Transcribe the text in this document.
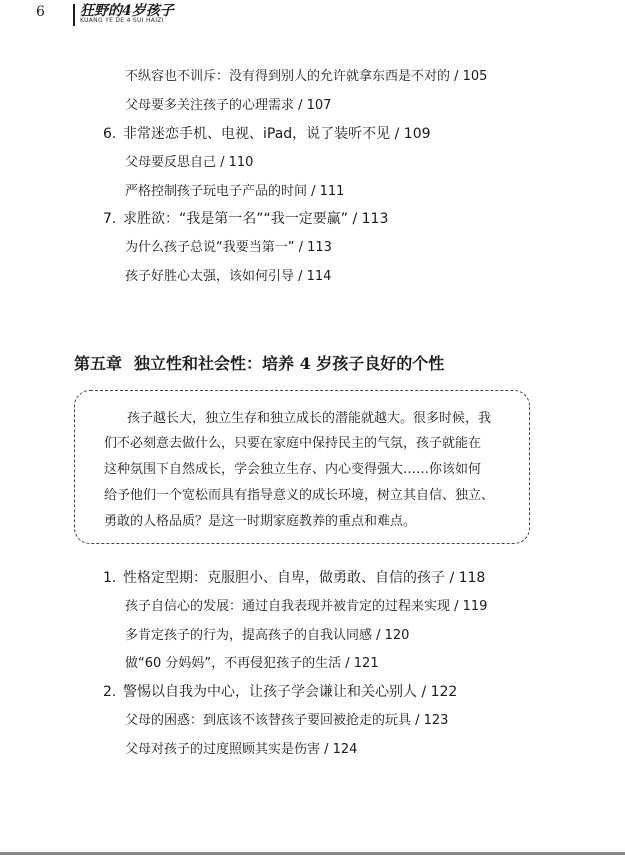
6	狂野的4岁孩子
KUANG YE DE 4 SUI HAIZI
不纵容也不训斥：没有得到别人的允许就拿东西是不对的 / 105
父母要多关注孩子的心理需求 / 107
6. 非常迷恋手机、电视、iPad，说了装听不见 / 109
父母要反思自己 / 110
严格控制孩子玩电子产品的时间 / 111
7. 求胜欲：“我是第一名”“我一定要赢” / 113
为什么孩子总说“我要当第一” / 113
孩子好胜心太强，该如何引导 / 114
第五章 独立性和社会性：培养 4 岁孩子良好的个性
孩子越长大，独立生存和独立成长的潜能就越大。很多时候，我
们不必刻意去做什么，只要在家庭中保持民主的气氛，孩子就能在
这种氛围下自然成长，学会独立生存、内心变得强大……你该如何
给予他们一个宽松而具有指导意义的成长环境，树立其自信、独立、
勇敢的人格品质？是这一时期家庭教养的重点和难点。
1. 性格定型期：克服胆小、自卑，做勇敢、自信的孩子 / 118
孩子自信心的发展：通过自我表现并被肯定的过程来实现 / 119
多肯定孩子的行为，提高孩子的自我认同感 / 120
做“60 分妈妈”，不再侵犯孩子的生活 / 121
2. 警惕以自我为中心，让孩子学会谦让和关心别人 / 122
父母的困惑：到底该不该替孩子要回被抢走的玩具 / 123
父母对孩子的过度照顾其实是伤害 / 124
